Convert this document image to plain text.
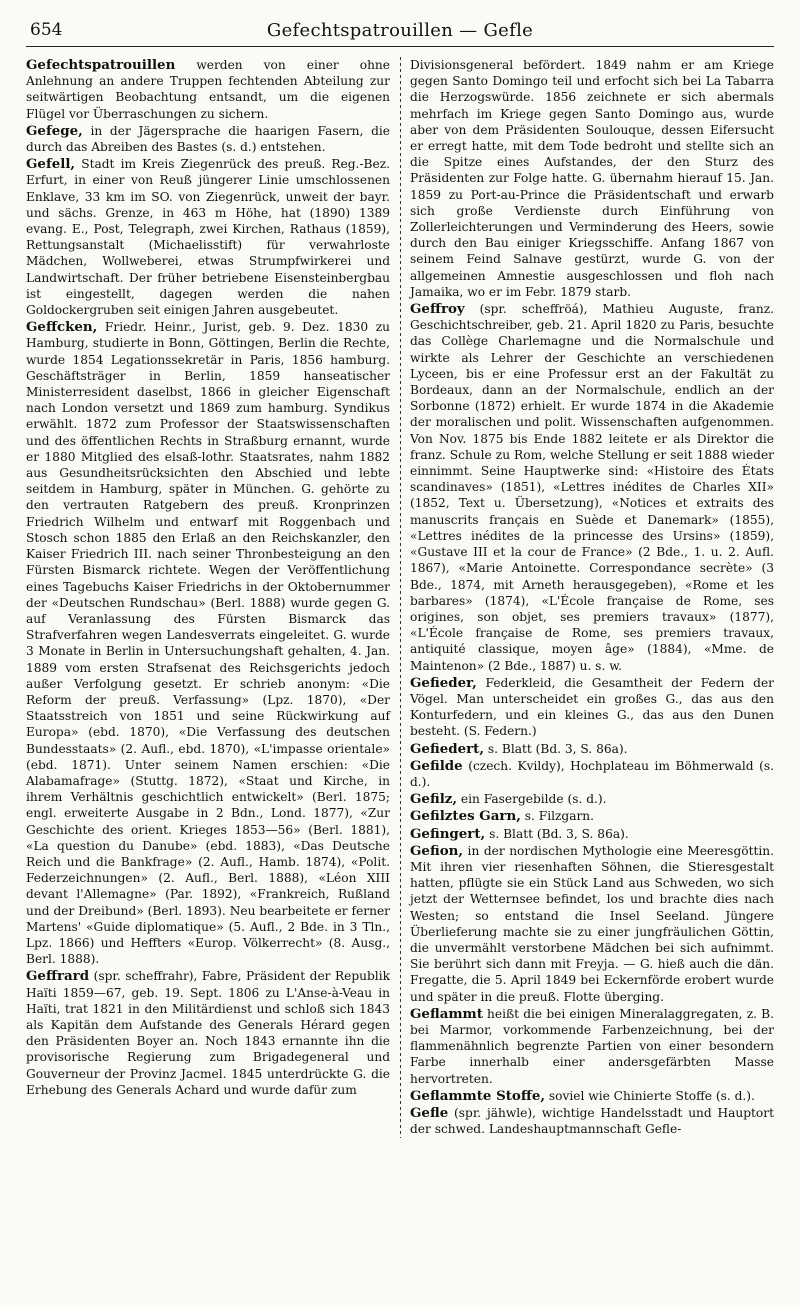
654	Gefechtspatrouillen — Gefle

Gefechtspatrouillen werden von einer ohne Anlehnung an andere Truppen fechtenden Abteilung zur seitwärtigen Beobachtung entsandt, um die eigenen Flügel vor Überraschungen zu sichern.

Gefege, in der Jägersprache die haarigen Fasern, die durch das Abreiben des Bastes (s. d.) entstehen.

Gefell, Stadt im Kreis Ziegenrück des preuß. Reg.-Bez. Erfurt, in einer von Reuß jüngerer Linie umschlossenen Enklave, 33 km im SO. von Ziegenrück, unweit der bayr. und sächs. Grenze, in 463 m Höhe, hat (1890) 1389 evang. E., Post, Telegraph, zwei Kirchen, Rathaus (1859), Rettungsanstalt (Michaelisstift) für verwahrloste Mädchen, Wollweberei, etwas Strumpfwirkerei und Landwirtschaft. Der früher betriebene Eisensteinbergbau ist eingestellt, dagegen werden die nahen Goldockergruben seit einigen Jahren ausgebeutet.

Geffcken, Friedr. Heinr., Jurist, geb. 9. Dez. 1830 zu Hamburg, studierte in Bonn, Göttingen, Berlin die Rechte, wurde 1854 Legationssekretär in Paris, 1856 hamburg. Geschäftsträger in Berlin, 1859 hanseatischer Ministerresident daselbst, 1866 in gleicher Eigenschaft nach London versetzt und 1869 zum hamburg. Syndikus erwählt. 1872 zum Professor der Staatswissenschaften und des öffentlichen Rechts in Straßburg ernannt, wurde er 1880 Mitglied des elsaß-lothr. Staatsrates, nahm 1882 aus Gesundheitsrücksichten den Abschied und lebte seitdem in Hamburg, später in München. G. gehörte zu den vertrauten Ratgebern des preuß. Kronprinzen Friedrich Wilhelm und entwarf mit Roggenbach und Stosch schon 1885 den Erlaß an den Reichskanzler, den Kaiser Friedrich III. nach seiner Thronbesteigung an den Fürsten Bismarck richtete. Wegen der Veröffentlichung eines Tagebuchs Kaiser Friedrichs in der Oktobernummer der «Deutschen Rundschau» (Berl. 1888) wurde gegen G. auf Veranlassung des Fürsten Bismarck das Strafverfahren wegen Landesverrats eingeleitet. G. wurde 3 Monate in Berlin in Untersuchungshaft gehalten, 4. Jan. 1889 vom ersten Strafsenat des Reichsgerichts jedoch außer Verfolgung gesetzt. Er schrieb anonym: «Die Reform der preuß. Verfassung» (Lpz. 1870), «Der Staatsstreich von 1851 und seine Rückwirkung auf Europa» (ebd. 1870), «Die Verfassung des deutschen Bundesstaats» (2. Aufl., ebd. 1870), «L'impasse orientale» (ebd. 1871). Unter seinem Namen erschien: «Die Alabamafrage» (Stuttg. 1872), «Staat und Kirche, in ihrem Verhältnis geschichtlich entwickelt» (Berl. 1875; engl. erweiterte Ausgabe in 2 Bdn., Lond. 1877), «Zur Geschichte des orient. Krieges 1853—56» (Berl. 1881), «La question du Danube» (ebd. 1883), «Das Deutsche Reich und die Bankfrage» (2. Aufl., Hamb. 1874), «Polit. Federzeichnungen» (2. Aufl., Berl. 1888), «Léon XIII devant l'Allemagne» (Par. 1892), «Frankreich, Rußland und der Dreibund» (Berl. 1893). Neu bearbeitete er ferner Martens' «Guide diplomatique» (5. Aufl., 2 Bde. in 3 Tln., Lpz. 1866) und Heffters «Europ. Völkerrecht» (8. Ausg., Berl. 1888).

Geffrard (spr. scheffrahr), Fabre, Präsident der Republik Haïti 1859—67, geb. 19. Sept. 1806 zu L'Anse-à-Veau in Haïti, trat 1821 in den Militärdienst und schloß sich 1843 als Kapitän dem Aufstande des Generals Hérard gegen den Präsidenten Boyer an. Noch 1843 ernannte ihn die provisorische Regierung zum Brigadegeneral und Gouverneur der Provinz Jacmel. 1845 unterdrückte G. die Erhebung des Generals Achard und wurde dafür zum

Divisionsgeneral befördert. 1849 nahm er am Kriege gegen Santo Domingo teil und erfocht sich bei La Tabarra die Herzogswürde. 1856 zeichnete er sich abermals mehrfach im Kriege gegen Santo Domingo aus, wurde aber von dem Präsidenten Soulouque, dessen Eifersucht er erregt hatte, mit dem Tode bedroht und stellte sich an die Spitze eines Aufstandes, der den Sturz des Präsidenten zur Folge hatte. G. übernahm hierauf 15. Jan. 1859 zu Port-au-Prince die Präsidentschaft und erwarb sich große Verdienste durch Einführung von Zollerleichterungen und Verminderung des Heers, sowie durch den Bau einiger Kriegsschiffe. Anfang 1867 von seinem Feind Salnave gestürzt, wurde G. von der allgemeinen Amnestie ausgeschlossen und floh nach Jamaika, wo er im Febr. 1879 starb.

Geffroy (spr. scheffröá), Mathieu Auguste, franz. Geschichtschreiber, geb. 21. April 1820 zu Paris, besuchte das Collège Charlemagne und die Normalschule und wirkte als Lehrer der Geschichte an verschiedenen Lyceen, bis er eine Professur erst an der Fakultät zu Bordeaux, dann an der Normalschule, endlich an der Sorbonne (1872) erhielt. Er wurde 1874 in die Akademie der moralischen und polit. Wissenschaften aufgenommen. Von Nov. 1875 bis Ende 1882 leitete er als Direktor die franz. Schule zu Rom, welche Stellung er seit 1888 wieder einnimmt. Seine Hauptwerke sind: «Histoire des États scandinaves» (1851), «Lettres inédites de Charles XII» (1852, Text u. Übersetzung), «Notices et extraits des manuscrits français en Suède et Danemark» (1855), «Lettres inédites de la princesse des Ursins» (1859), «Gustave III et la cour de France» (2 Bde., 1. u. 2. Aufl. 1867), «Marie Antoinette. Correspondance secrète» (3 Bde., 1874, mit Arneth herausgegeben), «Rome et les barbares» (1874), «L'École française de Rome, ses origines, son objet, ses premiers travaux» (1877), «L'École française de Rome, ses premiers travaux, antiquité classique, moyen âge» (1884), «Mme. de Maintenon» (2 Bde., 1887) u. s. w.

Gefieder, Federkleid, die Gesamtheit der Federn der Vögel. Man unterscheidet ein großes G., das aus den Konturfedern, und ein kleines G., das aus den Dunen besteht. (S. Federn.)

Gefiedert, s. Blatt (Bd. 3, S. 86a).

Gefilde (czech. Kvildy), Hochplateau im Böhmerwald (s. d.).

Gefilz, ein Fasergebilde (s. d.).

Gefilztes Garn, s. Filzgarn.

Gefingert, s. Blatt (Bd. 3, S. 86a).

Gefion, in der nordischen Mythologie eine Meeresgöttin. Mit ihren vier riesenhaften Söhnen, die Stieresgestalt hatten, pflügte sie ein Stück Land aus Schweden, wo sich jetzt der Wetternsee befindet, los und brachte dies nach Westen; so entstand die Insel Seeland. Jüngere Überlieferung machte sie zu einer jungfräulichen Göttin, die unvermählt verstorbene Mädchen bei sich aufnimmt. Sie berührt sich dann mit Freyja. — G. hieß auch die dän. Fregatte, die 5. April 1849 bei Eckernförde erobert wurde und später in die preuß. Flotte überging.

Geflammt heißt die bei einigen Mineralaggregaten, z. B. bei Marmor, vorkommende Farbenzeichnung, bei der flammenähnlich begrenzte Partien von einer besondern Farbe innerhalb einer andersgefärbten Masse hervortreten.

Geflammte Stoffe, soviel wie Chinierte Stoffe (s. d.).

Gefle (spr. jähwle), wichtige Handelsstadt und Hauptort der schwed. Landeshauptmannschaft Gefle-
